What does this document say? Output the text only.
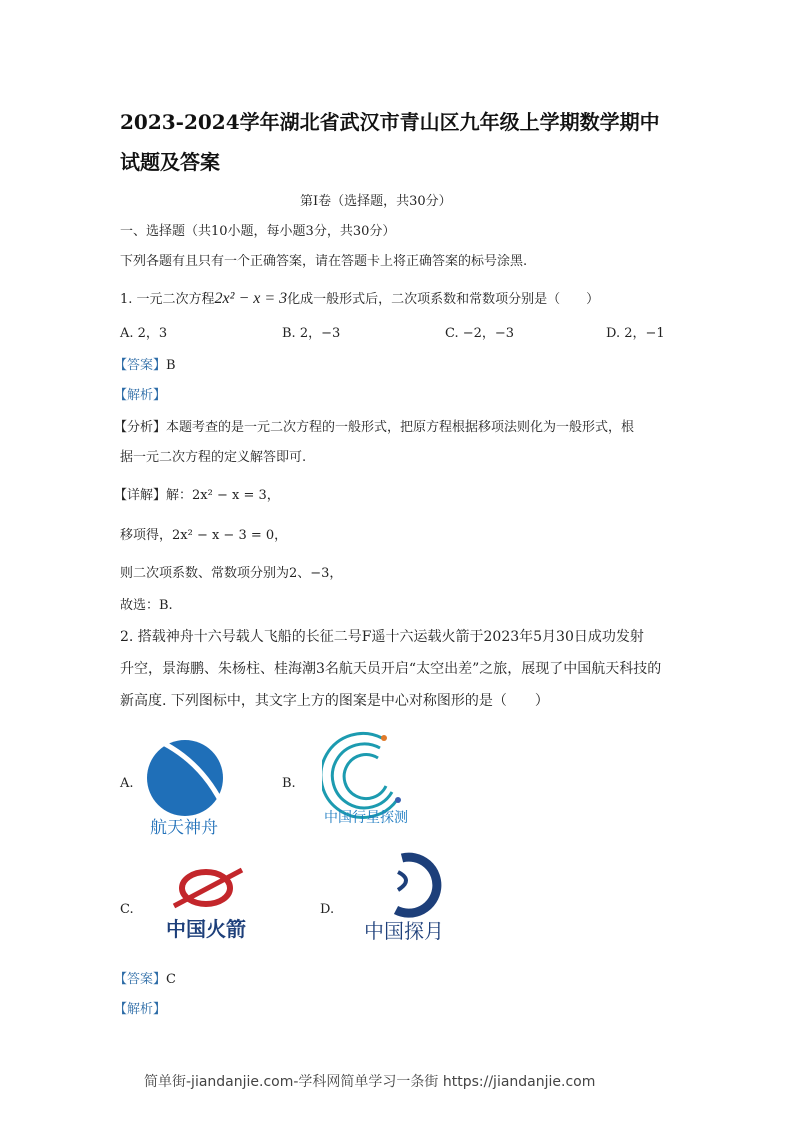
2023-2024学年湖北省武汉市青山区九年级上学期数学期中
试题及答案
第Ⅰ卷（选择题，共30分）
一、选择题（共10小题，每小题3分，共30分）
下列各题有且只有一个正确答案，请在答题卡上将正确答案的标号涂黑.
1. 一元二次方程2x² − x = 3化成一般形式后，二次项系数和常数项分别是（　　）
A. 2，3	B. 2，−3	C. −2，−3	D. 2，−1
【答案】B
【解析】
【分析】本题考查的是一元二次方程的一般形式，把原方程根据移项法则化为一般形式，根
据一元二次方程的定义解答即可.
【详解】解：2x² − x = 3，
移项得，2x² − x − 3 = 0，
则二次项系数、常数项分别为2、−3，
故选：B.
2. 搭载神舟十六号载人飞船的长征二号F遥十六运载火箭于2023年5月30日成功发射
升空，景海鹏、朱杨柱、桂海潮3名航天员开启“太空出差”之旅，展现了中国航天科技的
新高度. 下列图标中，其文字上方的图案是中心对称图形的是（　　）
A.
航天神舟
B.
中国行星探测
C.
中国火箭
D.
中国探月
【答案】C
【解析】
简单街-jiandanjie.com-学科网简单学习一条街 https://jiandanjie.com
